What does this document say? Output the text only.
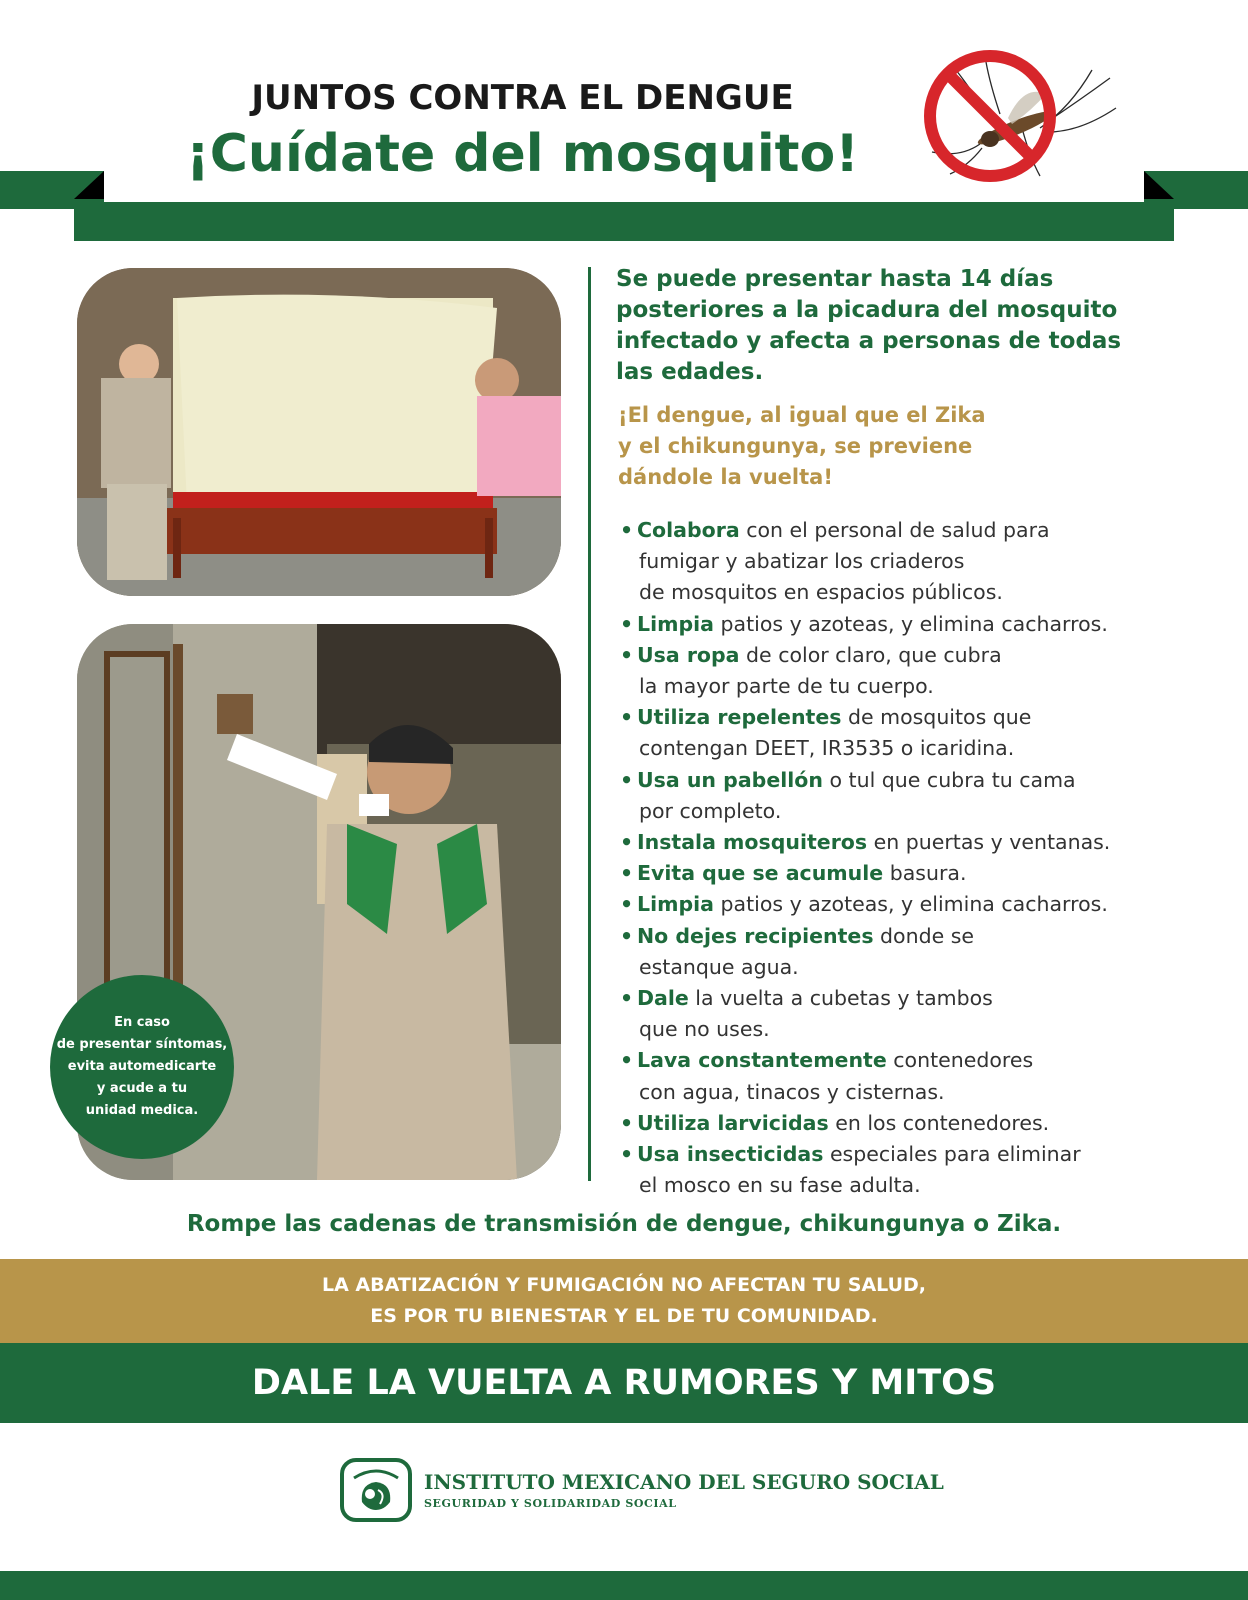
JUNTOS CONTRA EL DENGUE
¡Cuídate del mosquito!
En caso
de presentar síntomas,
evita automedicarte
y acude a tu
unidad medica.
Se puede presentar hasta 14 días
posteriores a la picadura del mosquito
infectado y afecta a personas de todas
las edades.
¡El dengue, al igual que el Zika
y el chikungunya, se previene
dándole la vuelta!
• Colabora con el personal de salud para
fumigar y abatizar los criaderos
de mosquitos en espacios públicos.
• Limpia patios y azoteas, y elimina cacharros.
• Usa ropa de color claro, que cubra
la mayor parte de tu cuerpo.
• Utiliza repelentes de mosquitos que
contengan DEET, IR3535 o icaridina.
• Usa un pabellón o tul que cubra tu cama
por completo.
• Instala mosquiteros en puertas y ventanas.
• Evita que se acumule basura.
• Limpia patios y azoteas, y elimina cacharros.
• No dejes recipientes donde se
estanque agua.
• Dale la vuelta a cubetas y tambos
que no uses.
• Lava constantemente contenedores
con agua, tinacos y cisternas.
• Utiliza larvicidas en los contenedores.
• Usa insecticidas especiales para eliminar
el mosco en su fase adulta.
Rompe las cadenas de transmisión de dengue, chikungunya o Zika.
LA ABATIZACIÓN Y FUMIGACIÓN NO AFECTAN TU SALUD,
ES POR TU BIENESTAR Y EL DE TU COMUNIDAD.
DALE LA VUELTA A RUMORES Y MITOS
INSTITUTO MEXICANO DEL SEGURO SOCIAL
SEGURIDAD Y SOLIDARIDAD SOCIAL
